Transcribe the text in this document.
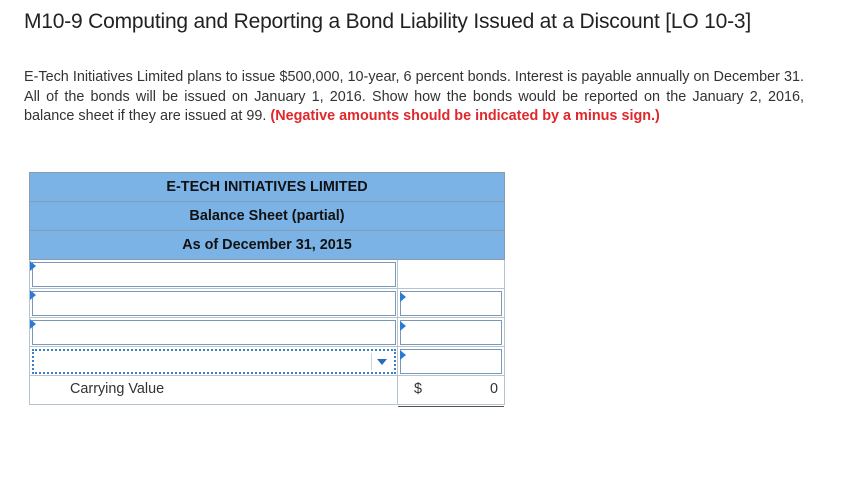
M10-9 Computing and Reporting a Bond Liability Issued at a Discount [LO 10-3]
E-Tech Initiatives Limited plans to issue $500,000, 10-year, 6 percent bonds. Interest is payable annually on December 31. All of the bonds will be issued on January 1, 2016. Show how the bonds would be reported on the January 2, 2016, balance sheet if they are issued at 99. (Negative amounts should be indicated by a minus sign.)
E-TECH INITIATIVES LIMITED
Balance Sheet (partial)
As of December 31, 2015
Carrying Value	$	0
